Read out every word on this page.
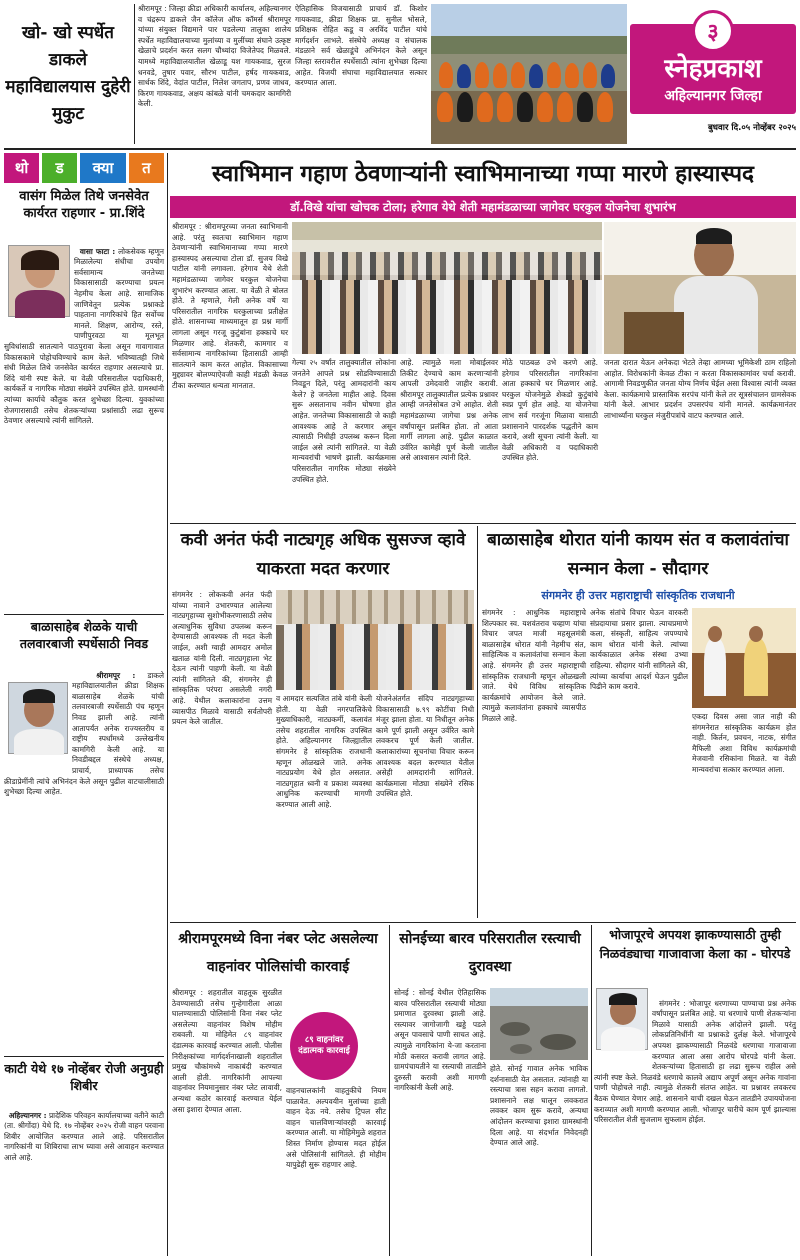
खो- खो स्पर्धेत डाकले महाविद्यालयास दुहेरी मुकुट
श्रीरामपूर : जिल्हा क्रीडा अधिकारी कार्यालय, अहिल्यानगर व चंद्ररूप डाकले जैन कॉलेज ऑफ कॉमर्स श्रीरामपूर यांच्या संयुक्त विद्यमाने पार पडलेल्या तालुका शालेय स्पर्धेत महाविद्यालयाच्या मुलांच्या व मुलींच्या संघाने उत्कृष्ट खेळाचे प्रदर्शन करत सलग चौथ्यांदा विजेतेपद मिळवले. यामध्ये महाविद्यालयातील खेळाडू यश गायकवाड, सुरज धनवडे, तुषार पवार, सौरभ पाटील, हर्षद गायकवाड, सार्थक शिंदे, वेदांत पाटील, निलेश जगताप, प्रणव जाधव, किरण गायकवाड, अक्षय कांबळे यांनी चमकदार कामगिरी केली.
ऐतिहासिक विजयासाठी प्राचार्य डॉ. किशोर गायकवाड, क्रीडा शिक्षक प्रा. सुनील भोसले, प्रशिक्षक रोहित कडू व अरविंद पाटील यांचे मार्गदर्शन लाभले. संस्थेचे अध्यक्ष व संचालक मंडळाने सर्व खेळाडूंचे अभिनंदन केले असून जिल्हा स्तरावरील स्पर्धेसाठी त्यांना शुभेच्छा दिल्या आहेत. विजयी संघाचा महाविद्यालयात सत्कार करण्यात आला.
३
स्नेहप्रकाश
अहिल्यानगर जिल्हा
बुधवार दि.०५ नोव्हेंबर २०२५
थो	ड	क्या	त
वासंग मिळेल तिथे जनसेवेत कार्यरत राहणार - प्रा.शिंदे

वासा फाटा : लोकसेवक म्हणून मिळालेल्या संधीचा उपयोग सर्वसामान्य जनतेच्या विकासासाठी करण्याचा प्रयत्न नेहमीच केला आहे. सामाजिक जाणिवेतून प्रत्येक प्रश्नाकडे पाहताना नागरिकांचे हित सर्वोच्च मानले. शिक्षण, आरोग्य, रस्ते, पाणीपुरवठा या मूलभूत सुविधांसाठी सातत्याने पाठपुरावा केला असून गावागावात विकासकामे पोहोचविण्याचे काम केले. भविष्यातही जिथे संधी मिळेल तिथे जनसेवेत कार्यरत राहणार असल्याचे प्रा. शिंदे यांनी स्पष्ट केले. या वेळी परिसरातील पदाधिकारी, कार्यकर्ते व नागरिक मोठ्या संख्येने उपस्थित होते. ग्रामस्थांनी त्यांच्या कार्याचे कौतुक करत शुभेच्छा दिल्या. युवकांच्या रोजगारासाठी तसेच शेतकऱ्यांच्या प्रश्नांसाठी लढा सुरूच ठेवणार असल्याचे त्यांनी सांगितले.

बाळासाहेब शेळके याची तलवारबाजी स्पर्धेसाठी निवड

श्रीरामपूर : डाकले महाविद्यालयातील क्रीडा शिक्षक बाळासाहेब शेळके यांची तलवारबाजी स्पर्धेसाठी पंच म्हणून निवड झाली आहे. त्यांनी आतापर्यंत अनेक राज्यस्तरीय व राष्ट्रीय स्पर्धांमध्ये उल्लेखनीय कामगिरी केली आहे. या निवडीबद्दल संस्थेचे अध्यक्ष, प्राचार्य, प्राध्यापक तसेच क्रीडाप्रेमींनी त्यांचे अभिनंदन केले असून पुढील वाटचालीसाठी शुभेच्छा दिल्या आहेत.

काटी येथे १७ नोव्हेंबर रोजी अनुग्रही शिबीर

अहिल्यानगर : प्रादेशिक परिवहन कार्यालयाच्या वतीने काटी (ता. श्रीगोंदा) येथे दि. १७ नोव्हेंबर २०२५ रोजी वाहन परवाना शिबीर आयोजित करण्यात आले आहे. परिसरातील नागरिकांनी या शिबिराचा लाभ घ्यावा असे आवाहन करण्यात आले आहे.

स्वाभिमान गहाण ठेवणाऱ्यांनी स्वाभिमानाच्या गप्पा मारणे हास्यास्पद
डॉ.विखे यांचा खोचक टोला; हरेगाव येथे शेती महामंडळाच्या जागेवर घरकुल योजनेचा शुभारंभ
श्रीरामपूर : श्रीरामपूरच्या जनता स्वाभिमानी आहे. परंतु स्वतःचा स्वाभिमान गहाण ठेवणाऱ्यांनी स्वाभिमानाच्या गप्पा मारणे हास्यास्पद असल्याचा टोला डॉ. सुजय विखे पाटील यांनी लगावला. हरेगाव येथे शेती महामंडळाच्या जागेवर घरकुल योजनेचा शुभारंभ करण्यात आला. या वेळी ते बोलत होते. ते म्हणाले, गेली अनेक वर्षे या परिसरातील नागरिक घरकुलाच्या प्रतीक्षेत होते. शासनाच्या माध्यमातून हा प्रश्न मार्गी लागला असून गरजू कुटुंबांना हक्काचे घर मिळणार आहे. शेतकरी, कामगार व सर्वसामान्य नागरिकांच्या हितासाठी आम्ही सातत्याने काम करत आहोत. विकासाच्या मुद्द्यावर बोलण्याऐवजी काही मंडळी केवळ टीका करण्यात धन्यता मानतात.
गेल्या २५ वर्षांत तालुक्यातील लोकांना जनतेने आपले प्रश्न सोडविण्यासाठी निवडून दिले, परंतु आमदारांनी काय केले? हे जनतेला माहीत आहे. दिवस सुरू असतानाच नवीन घोषणा होत आहेत. जनतेच्या विकासासाठी जे काही आवश्यक आहे ते करणार असून त्यासाठी निधीही उपलब्ध करून दिला जाईल असे त्यांनी सांगितले. या वेळी मान्यवरांची भाषणे झाली. कार्यक्रमास परिसरातील नागरिक मोठ्या संख्येने उपस्थित होते.
आहे. त्यामुळे मला मोबाईलवर तिकीट देण्याचे काम करणाऱ्यांनी आपली उमेदवारी जाहीर करावी. श्रीरामपूर तालुक्यातील प्रत्येक प्रश्नावर आम्ही जनतेसोबत उभे आहोत. शेती महामंडळाच्या जागेचा प्रश्न अनेक वर्षांपासून प्रलंबित होता. तो आता मार्गी लागला आहे. पुढील काळात उर्वरित कामेही पूर्ण केली जातील असे आश्वासन त्यांनी दिले.
मोठे पाठबळ उभे करणे आहे. हरेगाव परिसरातील नागरिकांना आता हक्काचे घर मिळणार आहे. घरकुल योजनेमुळे शेकडो कुटुंबांचे स्वप्न पूर्ण होत आहे. या योजनेचा लाभ सर्व गरजूंना मिळावा यासाठी प्रशासनाने पारदर्शक पद्धतीने काम करावे, अशी सूचना त्यांनी केली. या वेळी अधिकारी व पदाधिकारी उपस्थित होते.
जनता दारात येऊन अनेकदा भेटते तेव्हा आमच्या भूमिकेशी ठाम राहिलो आहोत. विरोधकांनी केवळ टीका न करता विकासकामांवर चर्चा करावी. आगामी निवडणुकीत जनता योग्य निर्णय घेईल असा विश्वास त्यांनी व्यक्त केला. कार्यक्रमाचे प्रास्ताविक सरपंच यांनी केले तर सूत्रसंचालन ग्रामसेवक यांनी केले. आभार प्रदर्शन उपसरपंच यांनी मानले. कार्यक्रमानंतर लाभार्थ्यांना घरकुल मंजुरीपत्रांचे वाटप करण्यात आले.
कवी अनंत फंदी नाट्यगृह अधिक सुसज्ज व्हावे याकरता मदत करणार
संगमनेर : लोककवी अनंत फंदी यांच्या नावाने उभारण्यात आलेल्या नाट्यगृहाच्या सुशोभीकरणासाठी तसेच अत्याधुनिक सुविधा उपलब्ध करून देण्यासाठी आवश्यक ती मदत केली जाईल, अशी ग्वाही आमदार अमोल खताळ यांनी दिली. नाट्यगृहाला भेट देऊन त्यांनी पाहणी केली. या वेळी त्यांनी सांगितले की, संगमनेर ही सांस्कृतिक परंपरा असलेली नगरी आहे. येथील कलाकारांना उत्तम व्यासपीठ मिळावे यासाठी सर्वतोपरी प्रयत्न केले जातील.
व आमदार सत्यजित तांबे यांनी केली होती. या वेळी नगरपालिकेचे मुख्याधिकारी, नाट्यकर्मी, कलावंत तसेच शहरातील नागरिक उपस्थित होते. अहिल्यानगर जिल्ह्यातील संगमनेर हे सांस्कृतिक राजधानी म्हणून ओळखले जाते. अनेक नाट्यप्रयोग येथे होत असतात. नाट्यगृहात ध्वनी व प्रकाश व्यवस्था आधुनिक करण्याची मागणी करण्यात आली आहे.
योजनेअंतर्गत संदिप नाट्यगृहाच्या विकासासाठी ७.९९ कोटींचा निधी मंजूर झाला होता. या निधीतून अनेक कामे पूर्ण झाली असून उर्वरित कामे लवकरच पूर्ण केली जातील. कलाकारांच्या सूचनांचा विचार करून आवश्यक बदल करण्यात येतील असेही आमदारांनी सांगितले. कार्यक्रमाला मोठ्या संख्येने रसिक उपस्थित होते.
बाळासाहेब थोरात यांनी कायम संत व कलावंतांचा सन्मान केला - सौदागर
संगमनेर ही उत्तर महाराष्ट्राची सांस्कृतिक राजधानी
संगमनेर : आधुनिक महाराष्ट्राचे शिल्पकार स्व. यशवंतराव चव्हाण यांचा विचार जपत माजी महसूलमंत्री बाळासाहेब थोरात यांनी नेहमीच संत, साहित्यिक व कलावंतांचा सन्मान केला आहे. संगमनेर ही उत्तर महाराष्ट्राची सांस्कृतिक राजधानी म्हणून ओळखली जाते. येथे विविध सांस्कृतिक कार्यक्रमांचे आयोजन केले जाते. त्यामुळे कलावंतांना हक्काचे व्यासपीठ मिळाले आहे.
अनेक संतांचे विचार घेऊन वारकरी संप्रदायाचा प्रसार झाला. त्याचप्रमाणे कला, संस्कृती, साहित्य जपण्याचे काम थोरात यांनी केले. त्यांच्या कार्यकाळात अनेक संस्था उभ्या राहिल्या. सौदागर यांनी सांगितले की, त्यांच्या कार्याचा आदर्श घेऊन पुढील पिढीने काम करावे.
एकदा दिवस असा जात नाही की संगमनेरात सांस्कृतिक कार्यक्रम होत नाही. किर्तन, प्रवचन, नाटक, संगीत मैफिली अशा विविध कार्यक्रमांची मेजवानी रसिकांना मिळते. या वेळी मान्यवरांचा सत्कार करण्यात आला.
श्रीरामपूरमध्ये विना नंबर प्लेट असलेल्या वाहनांवर पोलिसांची कारवाई
श्रीरामपूर : शहरातील वाहतूक सुरळीत ठेवण्यासाठी तसेच गुन्हेगारीला आळा घालण्यासाठी पोलिसांनी विना नंबर प्लेट असलेल्या वाहनांवर विशेष मोहीम राबवली. या मोहिमेत ८९ वाहनांवर दंडात्मक कारवाई करण्यात आली. पोलीस निरीक्षकांच्या मार्गदर्शनाखाली शहरातील प्रमुख चौकांमध्ये नाकाबंदी करण्यात आली होती. नागरिकांनी आपल्या वाहनांवर नियमानुसार नंबर प्लेट लावावी, अन्यथा कठोर कारवाई करण्यात येईल असा इशारा देण्यात आला.
८९ वाहनांवर दंडात्मक कारवाई
वाहनचालकांनी वाहतुकीचे नियम पाळावेत. अल्पवयीन मुलांच्या हाती वाहन देऊ नये. तसेच ट्रिपल सीट वाहन चालविणाऱ्यांवरही कारवाई करण्यात आली. या मोहिमेमुळे शहरात शिस्त निर्माण होण्यास मदत होईल असे पोलिसांनी सांगितले. ही मोहीम यापुढेही सुरू राहणार आहे.
सोनईच्या बारव परिसरातील रस्त्याची दुरावस्था
सोनई : सोनई येथील ऐतिहासिक बारव परिसरातील रस्त्याची मोठ्या प्रमाणात दुरवस्था झाली आहे. रस्त्यावर जागोजागी खड्डे पडले असून पावसाचे पाणी साचत आहे. त्यामुळे नागरिकांना ये-जा करताना मोठी कसरत करावी लागत आहे. ग्रामपंचायतीने या रस्त्याची तातडीने दुरुस्ती करावी अशी मागणी नागरिकांनी केली आहे.
होते. सोनई गावात अनेक भाविक दर्शनासाठी येत असतात. त्यांनाही या रस्त्याचा त्रास सहन करावा लागतो. प्रशासनाने लक्ष घालून लवकरात लवकर काम सुरू करावे, अन्यथा आंदोलन करण्याचा इशारा ग्रामस्थांनी दिला आहे. या संदर्भात निवेदनही देण्यात आले आहे.
भोजापूरचे अपयश झाकण्यासाठी तुम्ही निळवंड्याचा गाजावाजा केला का - घोरपडे

संगमनेर : भोजापूर धरणाच्या पाण्याचा प्रश्न अनेक वर्षांपासून प्रलंबित आहे. या धरणाचे पाणी शेतकऱ्यांना मिळावे यासाठी अनेक आंदोलने झाली. परंतु लोकप्रतिनिधींनी या प्रश्नाकडे दुर्लक्ष केले. भोजापूरचे अपयश झाकण्यासाठी निळवंडे धरणाचा गाजावाजा करण्यात आला असा आरोप घोरपडे यांनी केला. शेतकऱ्यांच्या हितासाठी हा लढा सुरूच राहील असे त्यांनी स्पष्ट केले. निळवंडे धरणाचे कालवे अद्याप अपूर्ण असून अनेक गावांना पाणी पोहोचले नाही. त्यामुळे शेतकरी संतप्त आहेत. या प्रश्नावर लवकरच बैठक घेण्यात येणार आहे. शासनाने याची दखल घेऊन तातडीने उपाययोजना कराव्यात अशी मागणी करण्यात आली. भोजापूर चारीचे काम पूर्ण झाल्यास परिसरातील शेती सुजलाम सुफलाम होईल.
